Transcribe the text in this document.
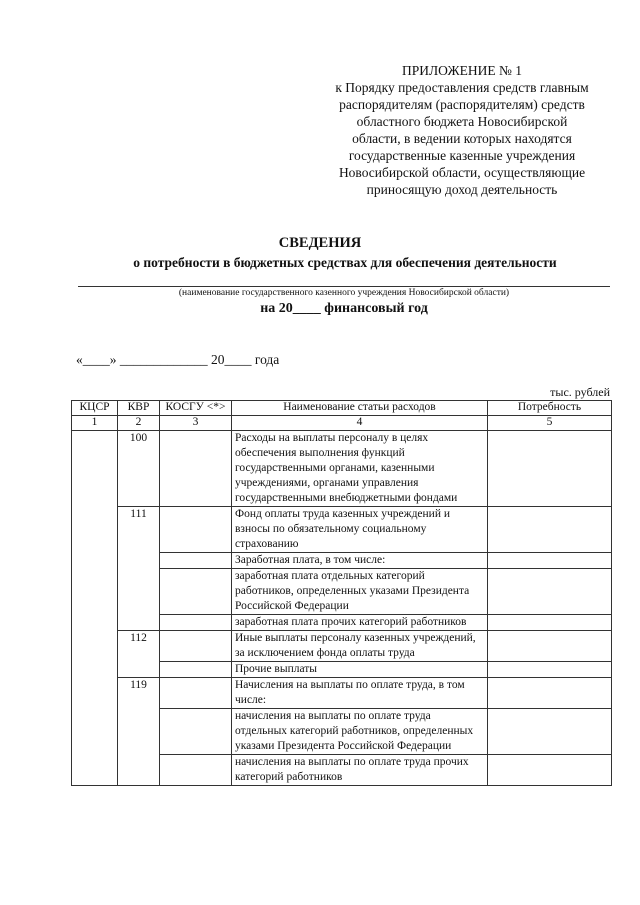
ПРИЛОЖЕНИЕ № 1
к Порядку предоставления средств главным
распорядителям (распорядителям) средств
областного бюджета Новосибирской
области, в ведении которых находятся
государственные казенные учреждения
Новосибирской области, осуществляющие
приносящую доход деятельность
СВЕДЕНИЯ
о потребности в бюджетных средствах для обеспечения деятельности
(наименование государственного казенного учреждения Новосибирской области)
на 20____ финансовый год
«____» _____________ 20____ года
тыс. рублей
КЦСР	КВР	КОСГУ <*>	Наименование статьи расходов	Потребность
1	2	3	4	5
	100		Расходы на выплаты персоналу в целях обеспечения выполнения функций государственными органами, казенными учреждениями, органами управления государственными внебюджетными фондами	
	111		Фонд оплаты труда казенных учреждений и взносы по обязательному социальному страхованию	
			Заработная плата, в том числе:	
			заработная плата отдельных категорий работников, определенных указами Президента Российской Федерации	
			заработная плата прочих категорий работников	
	112		Иные выплаты персоналу казенных учреждений, за исключением фонда оплаты труда	
			Прочие выплаты	
	119		Начисления на выплаты по оплате труда, в том числе:	
			начисления на выплаты по оплате труда отдельных категорий работников, определенных указами Президента Российской Федерации	
			начисления на выплаты по оплате труда прочих категорий работников	
